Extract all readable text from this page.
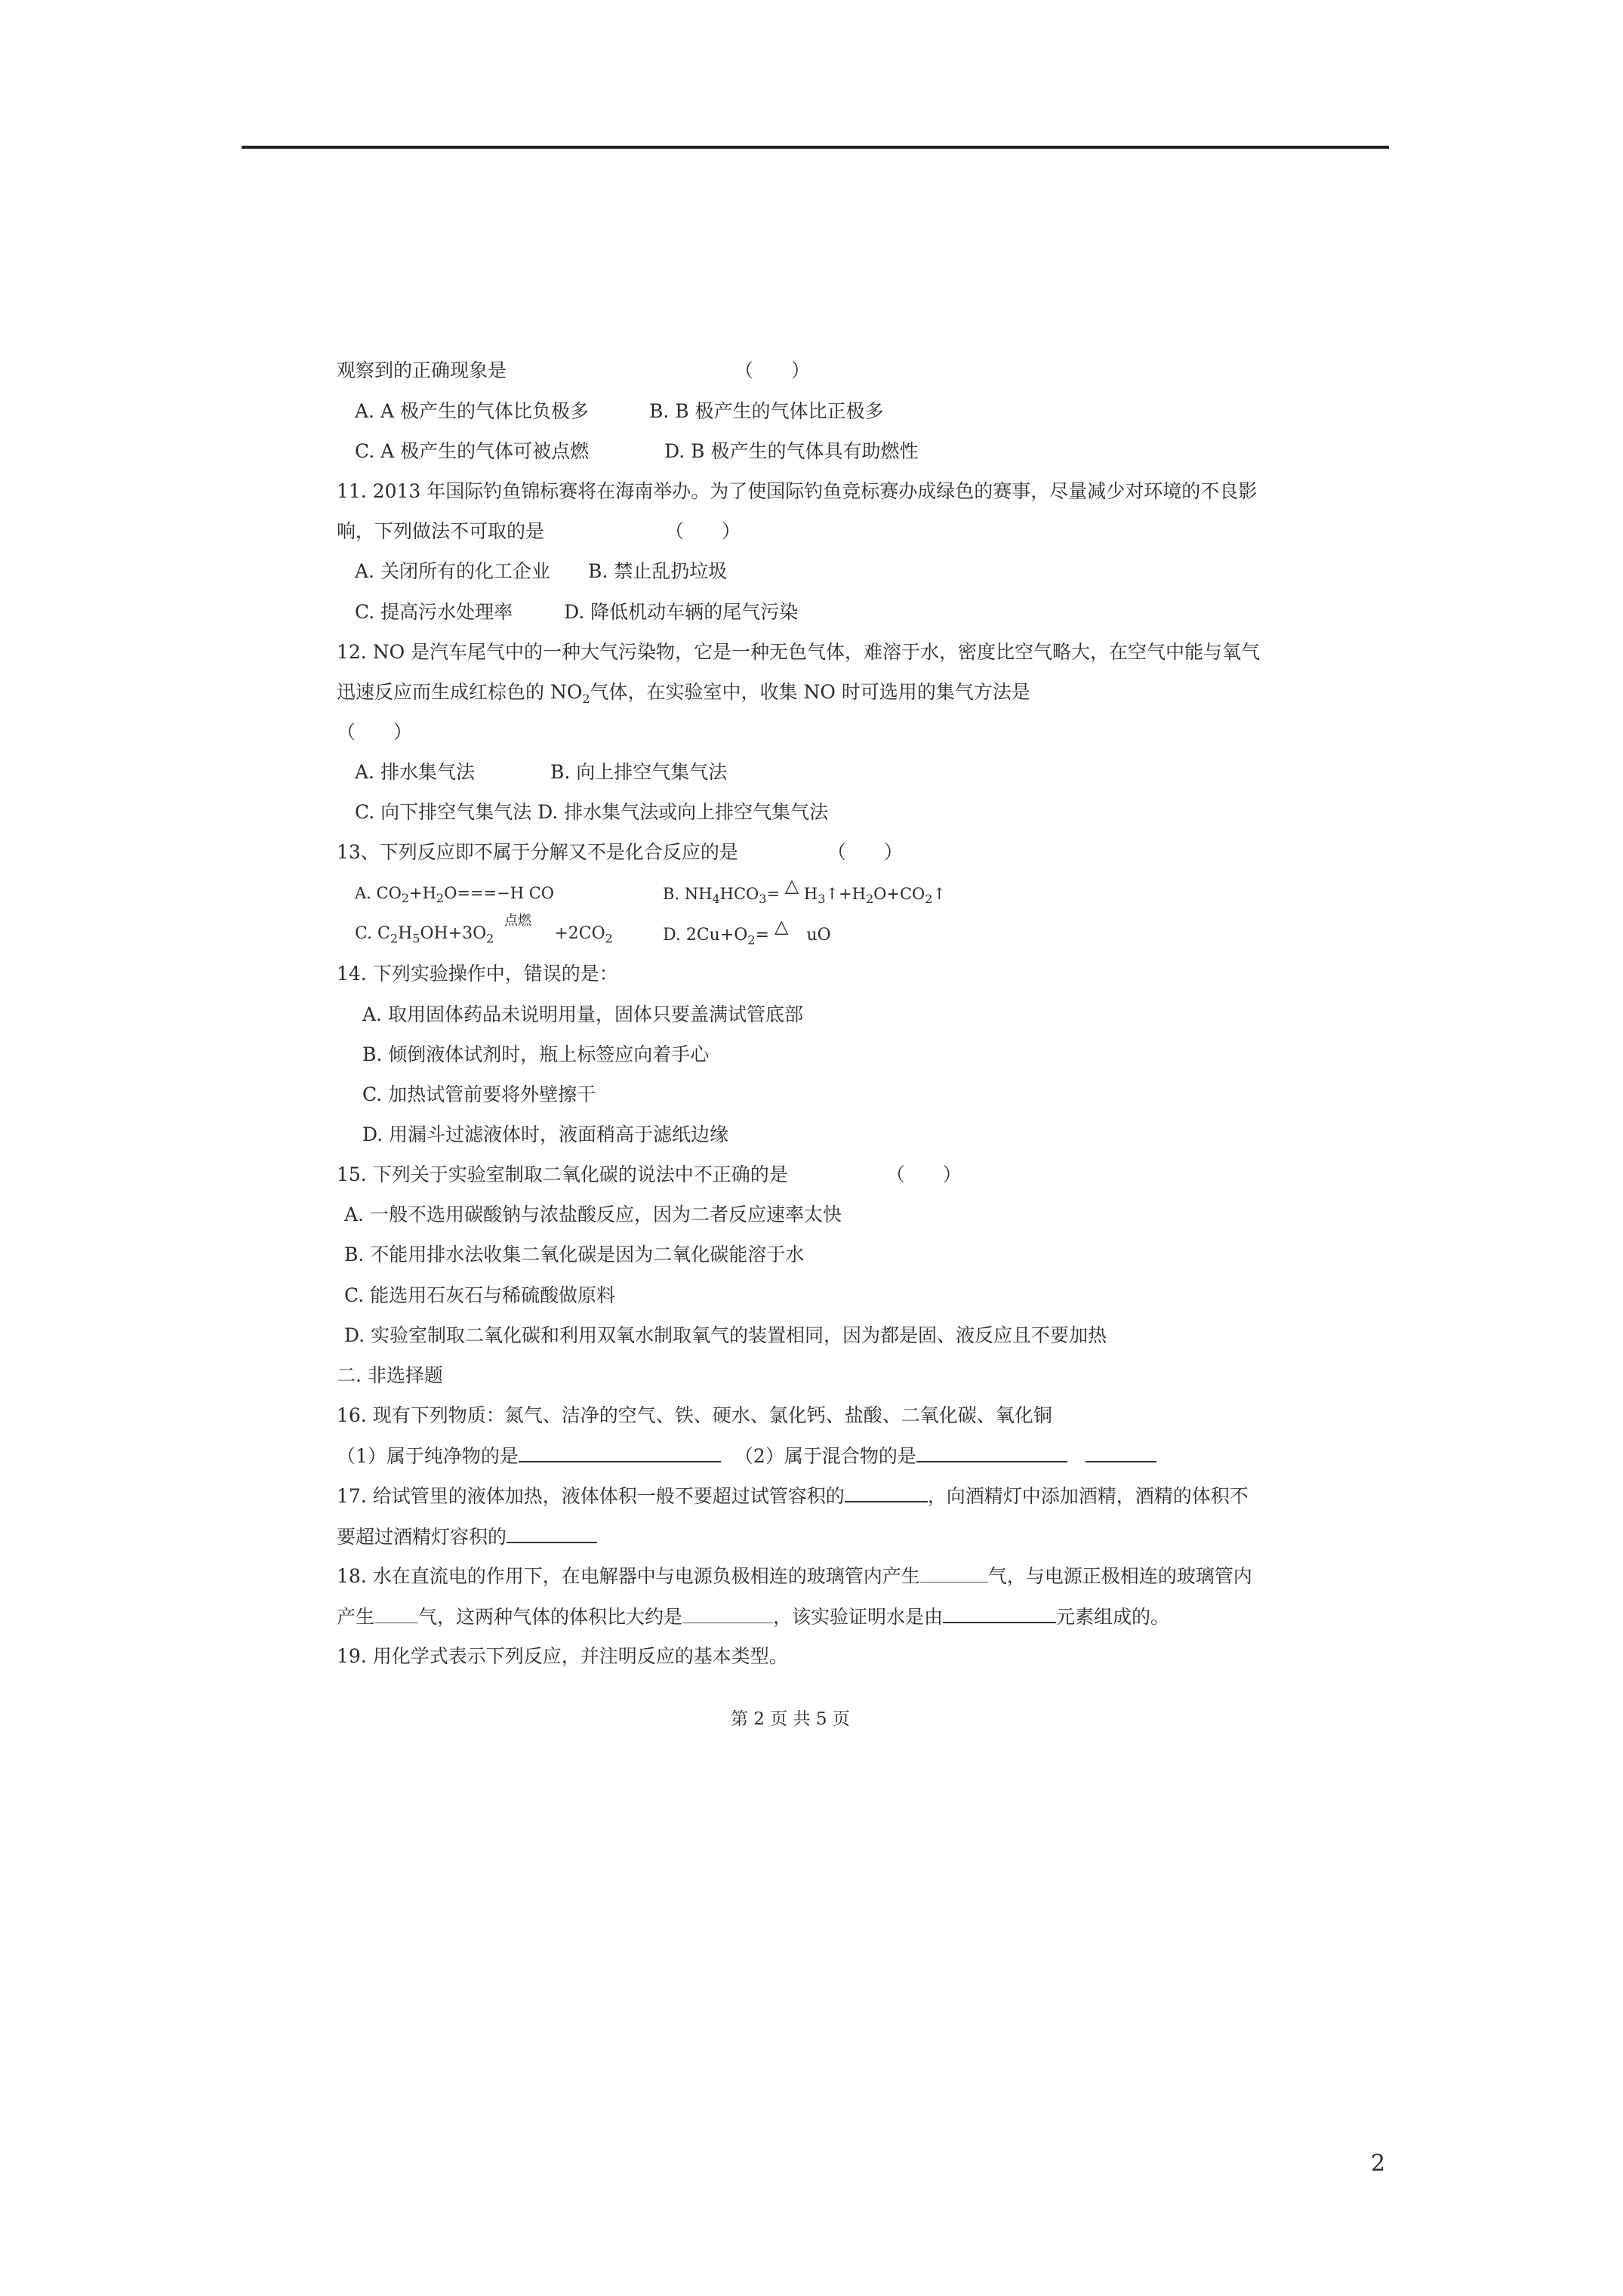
观察到的正确现象是	（　　）
A. A 极产生的气体比负极多	B. B 极产生的气体比正极多
C. A 极产生的气体可被点燃	D. B 极产生的气体具有助燃性
11. 2013 年国际钓鱼锦标赛将在海南举办。为了使国际钓鱼竞标赛办成绿色的赛事，尽量减少对环境的不良影
响，下列做法不可取的是	（　　）
A. 关闭所有的化工企业 B. 禁止乱扔垃圾
C. 提高污水处理率	D. 降低机动车辆的尾气污染
12. NO 是汽车尾气中的一种大气污染物，它是一种无色气体，难溶于水，密度比空气略大，在空气中能与氧气
迅速反应而生成红棕色的 $NO_2$气体，在实验室中，收集 NO 时可选用的集气方法是
（　　）
A. 排水集气法	B. 向上排空气集气法
C. 向下排空气集气法 D. 排水集气法或向上排空气集气法
13、下列反应即不属于分解又不是化合反应的是	（　　）
A. $CO_2+H_2O===-H$ CO	B. $NH_4HCO_3=$ △ $H_3↑+H_2O+CO_2↑$
点燃
C. $C_2H_5OH+3O_2$	$+2CO_2$	D. $2Cu+O_2=$ △ uO
14. 下列实验操作中，错误的是：
A. 取用固体药品未说明用量，固体只要盖满试管底部
B. 倾倒液体试剂时，瓶上标签应向着手心
C. 加热试管前要将外壁擦干
D. 用漏斗过滤液体时，液面稍高于滤纸边缘
15. 下列关于实验室制取二氧化碳的说法中不正确的是	（　　）
A. 一般不选用碳酸钠与浓盐酸反应，因为二者反应速率太快
B. 不能用排水法收集二氧化碳是因为二氧化碳能溶于水
C. 能选用石灰石与稀硫酸做原料
D. 实验室制取二氧化碳和利用双氧水制取氧气的装置相同，因为都是固、液反应且不要加热
二. 非选择题
16. 现有下列物质：氮气、洁净的空气、铁、硬水、氯化钙、盐酸、二氧化碳、氧化铜
（1）属于纯净物的是	（2）属于混合物的是
17. 给试管里的液体加热，液体体积一般不要超过试管容积的	，向酒精灯中添加酒精，酒精的体积不
要超过酒精灯容积的
18. 水在直流电的作用下，在电解器中与电源负极相连的玻璃管内产生	气，与电源正极相连的玻璃管内
产生 气，这两种气体的体积比大约是	，该实验证明水是由	元素组成的。
19. 用化学式表示下列反应，并注明反应的基本类型。
第 2 页 共 5 页
2
